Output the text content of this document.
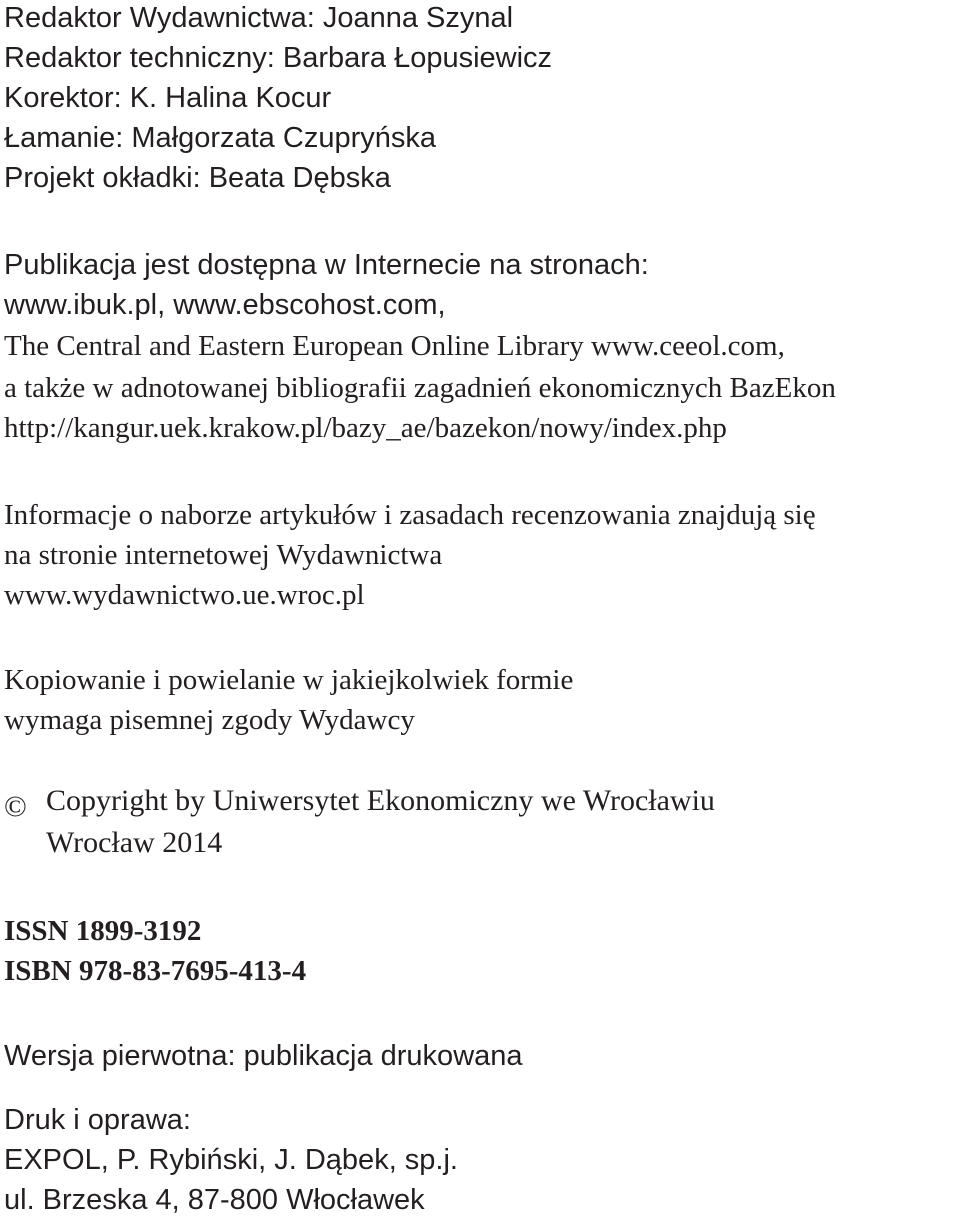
Redaktor Wydawnictwa: Joanna Szynal

Redaktor techniczny: Barbara Łopusiewicz

Korektor: K. Halina Kocur

Łamanie: Małgorzata Czupryńska

Projekt okładki: Beata Dębska

Publikacja jest dostępna w Internecie na stronach:

www.ibuk.pl, www.ebscohost.com,

The Central and Eastern European Online Library www.ceeol.com,

a także w adnotowanej bibliografii zagadnień ekonomicznych BazEkon

http://kangur.uek.krakow.pl/bazy_ae/bazekon/nowy/index.php

Informacje o naborze artykułów i zasadach recenzowania znajdują się

na stronie internetowej Wydawnictwa

www.wydawnictwo.ue.wroc.pl

Kopiowanie i powielanie w jakiejkolwiek formie

wymaga pisemnej zgody Wydawcy

© Copyright by Uniwersytet Ekonomiczny we Wrocławiu

Wrocław 2014

ISSN 1899-3192

ISBN 978-83-7695-413-4

Wersja pierwotna: publikacja drukowana

Druk i oprawa:

EXPOL, P. Rybiński, J. Dąbek, sp.j.

ul. Brzeska 4, 87-800 Włocławek
